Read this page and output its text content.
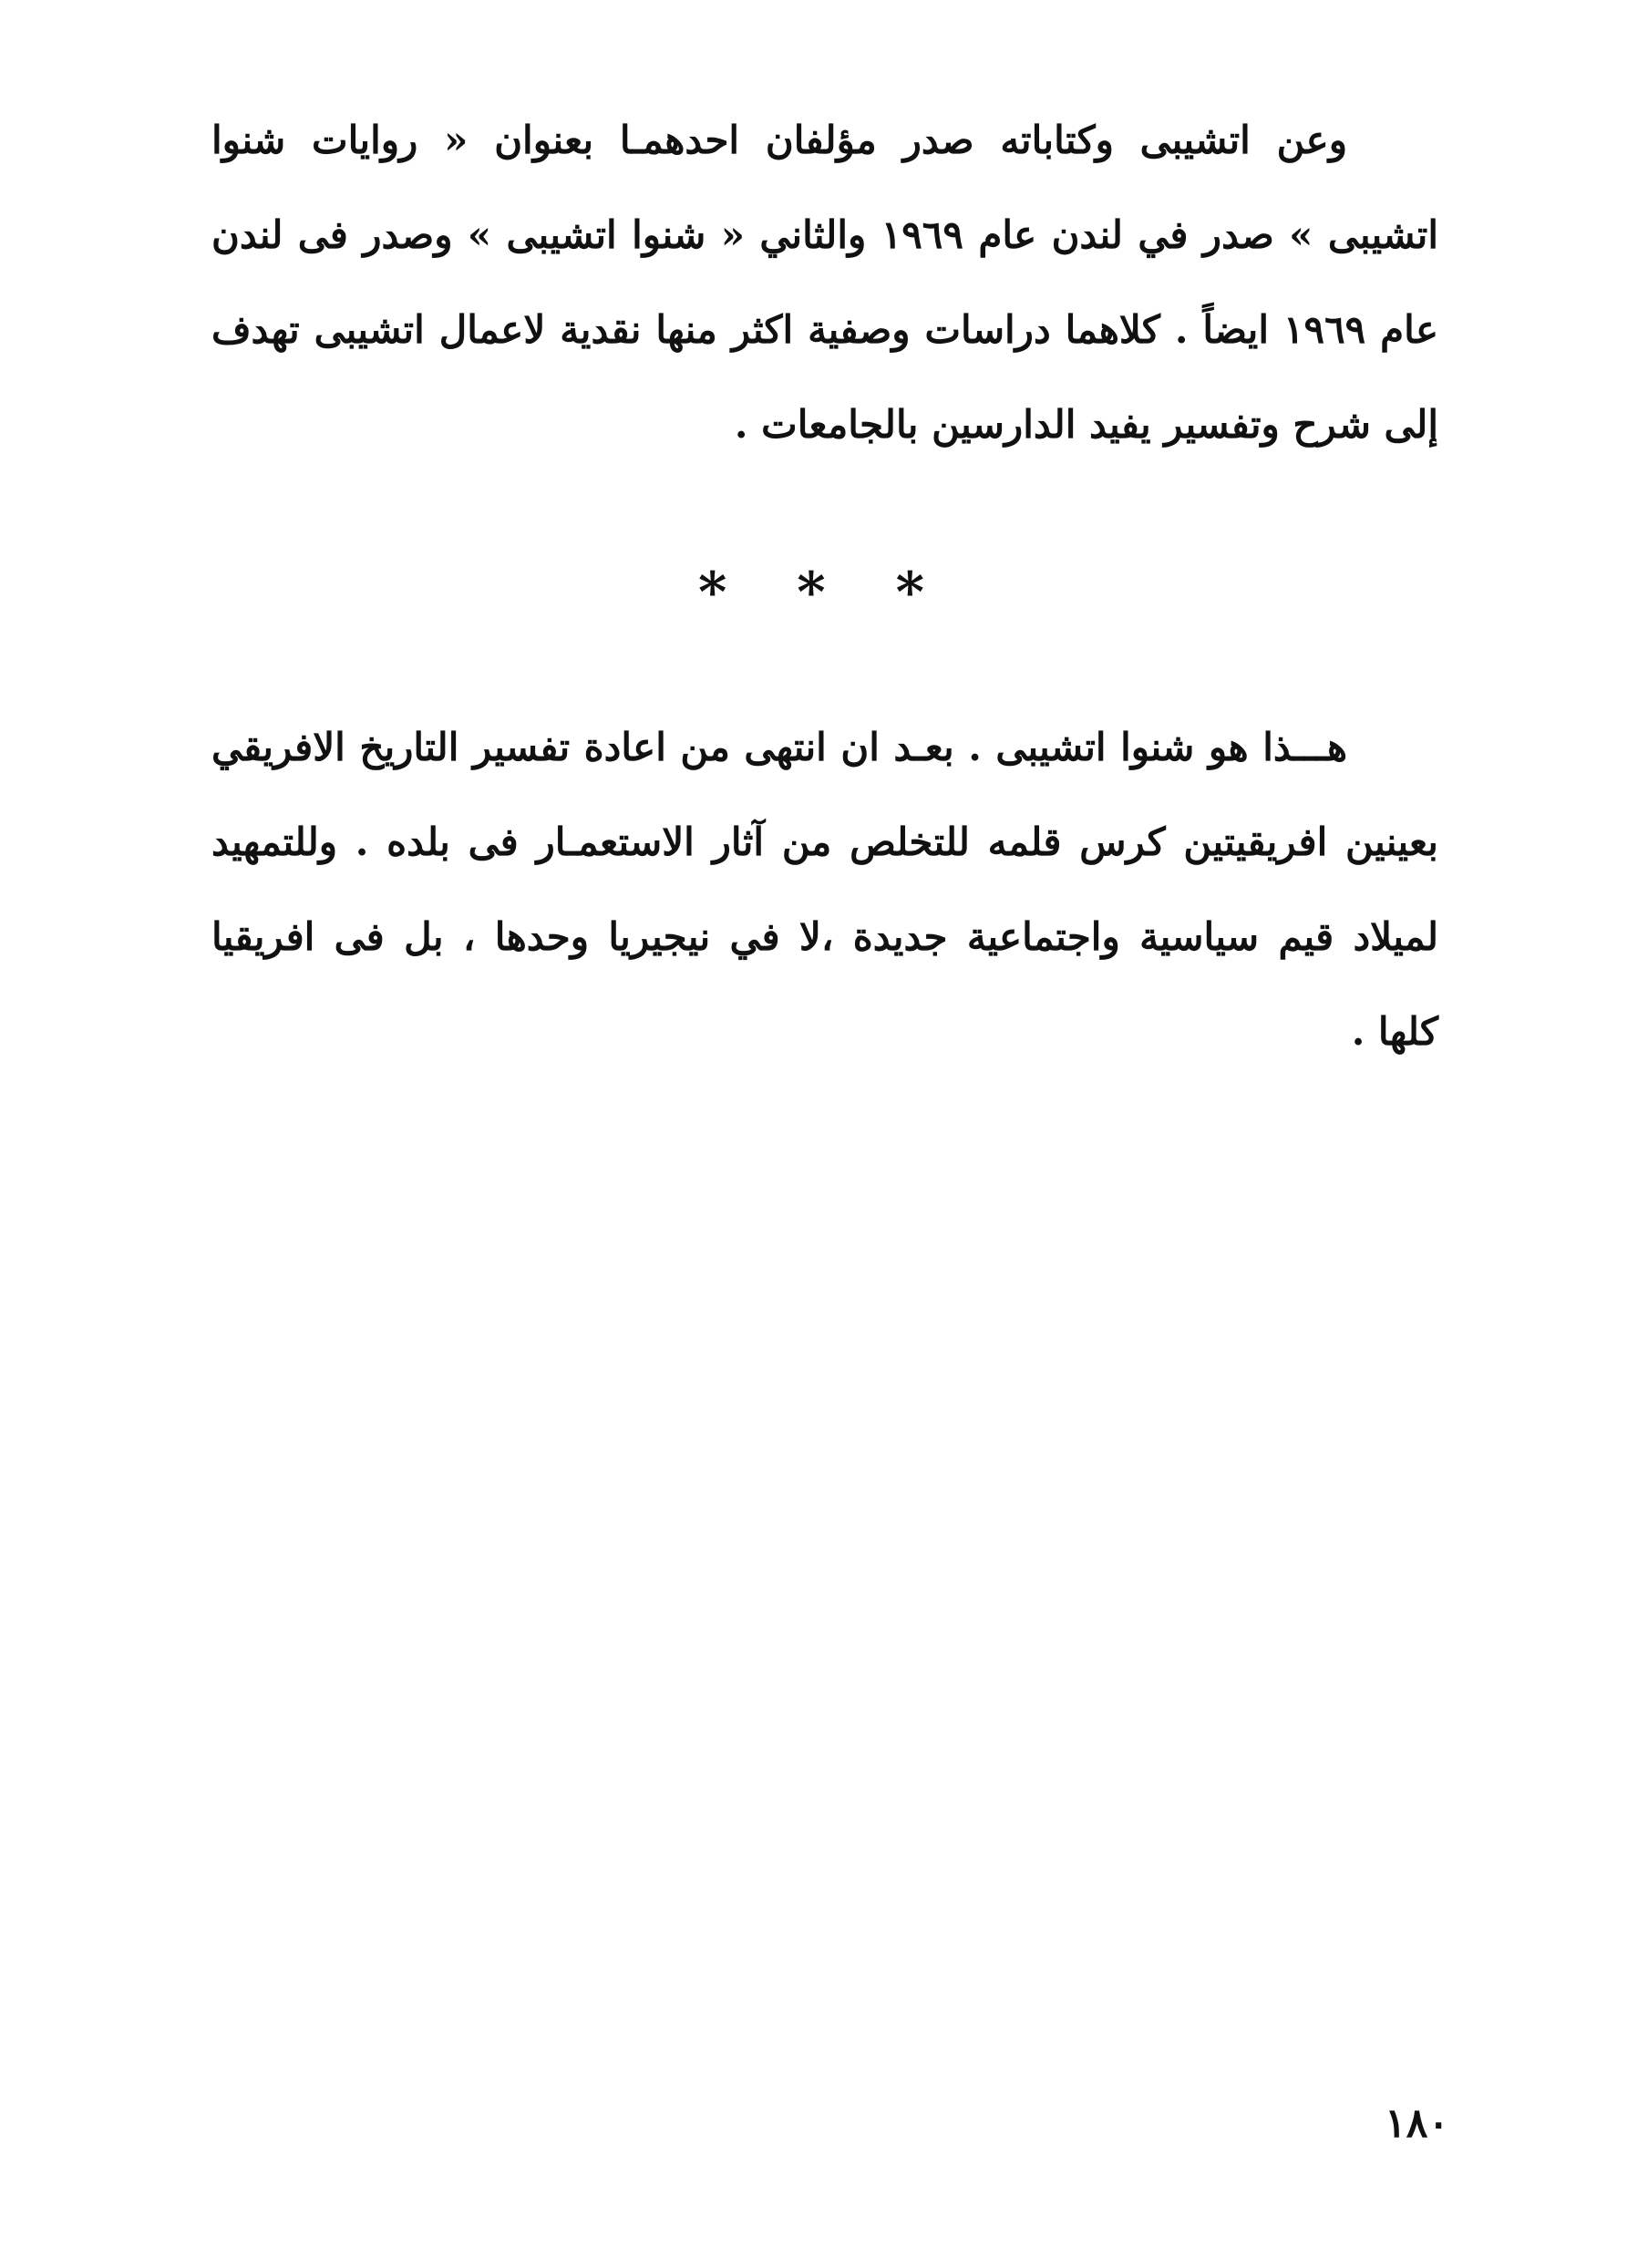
وعن اتشيبى وكتاباته صدر مؤلفان احدهمـا بعنوان « روايات شنوا اتشيبى » صدر في لندن عام ١٩٦٩ والثاني « شنوا اتشيبى » وصدر فى لندن عام ١٩٦٩ ايضاً . كلاهما دراسات وصفية اكثر منها نقدية لاعمال اتشيبى تهدف إلى شرح وتفسير يفيد الدارسين بالجامعات .

* * *

هـــذا هو شنوا اتشيبى . بعـد ان انتهى من اعادة تفسير التاريخ الافريقي بعينين افريقيتين كرس قلمه للتخلص من آثار الاستعمـار فى بلده . وللتمهيد لميلاد قيم سياسية واجتماعية جديدة ،لا في نيجيريا وحدها ، بل فى افريقيا كلها .

١٨٠
